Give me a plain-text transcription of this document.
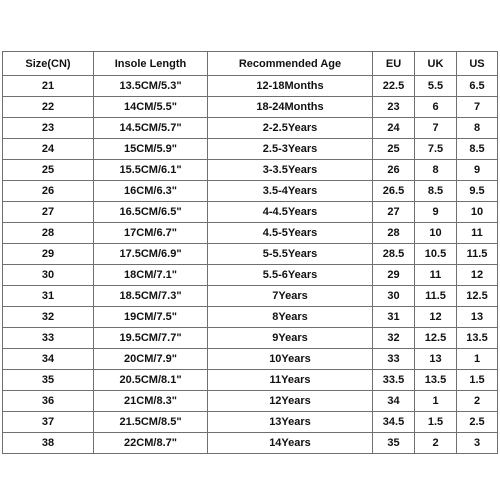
Size(CN)	Insole Length	Recommended Age	EU	UK	US
21	13.5CM/5.3"	12-18Months	22.5	5.5	6.5
22	14CM/5.5"	18-24Months	23	6	7
23	14.5CM/5.7"	2-2.5Years	24	7	8
24	15CM/5.9"	2.5-3Years	25	7.5	8.5
25	15.5CM/6.1"	3-3.5Years	26	8	9
26	16CM/6.3"	3.5-4Years	26.5	8.5	9.5
27	16.5CM/6.5"	4-4.5Years	27	9	10
28	17CM/6.7"	4.5-5Years	28	10	11
29	17.5CM/6.9"	5-5.5Years	28.5	10.5	11.5
30	18CM/7.1"	5.5-6Years	29	11	12
31	18.5CM/7.3"	7Years	30	11.5	12.5
32	19CM/7.5"	8Years	31	12	13
33	19.5CM/7.7"	9Years	32	12.5	13.5
34	20CM/7.9"	10Years	33	13	1
35	20.5CM/8.1"	11Years	33.5	13.5	1.5
36	21CM/8.3"	12Years	34	1	2
37	21.5CM/8.5"	13Years	34.5	1.5	2.5
38	22CM/8.7"	14Years	35	2	3
